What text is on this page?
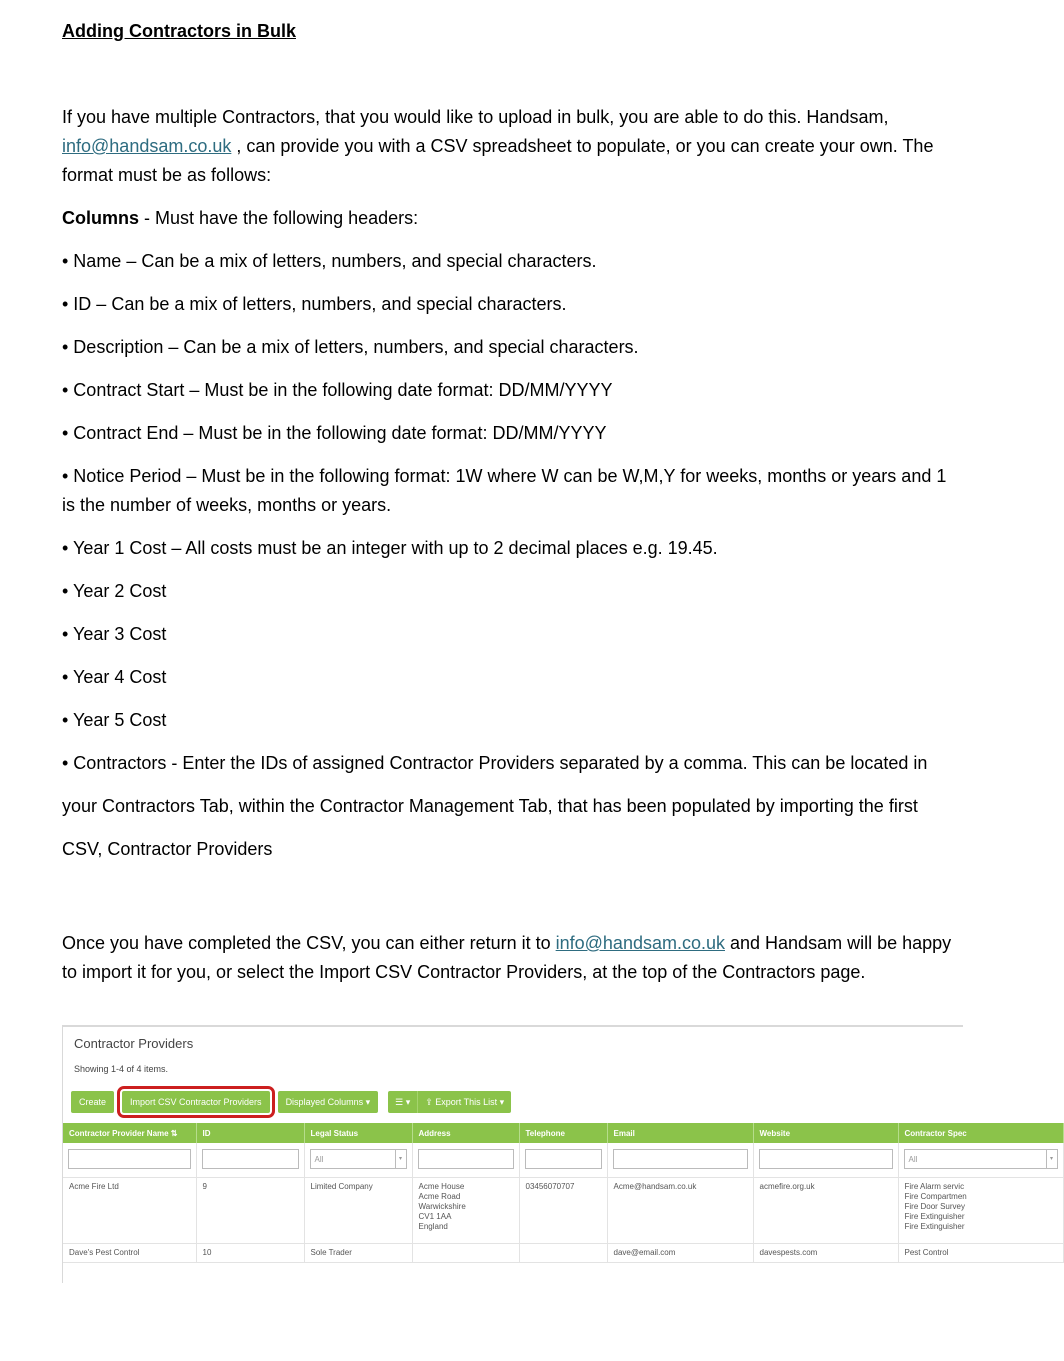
Adding Contractors in Bulk

If you have multiple Contractors, that you would like to upload in bulk, you are able to do this. Handsam, info@handsam.co.uk , can provide you with a CSV spreadsheet to populate, or you can create your own. The format must be as follows:

Columns - Must have the following headers:

• Name – Can be a mix of letters, numbers, and special characters.

• ID – Can be a mix of letters, numbers, and special characters.

• Description – Can be a mix of letters, numbers, and special characters.

• Contract Start – Must be in the following date format: DD/MM/YYYY

• Contract End – Must be in the following date format: DD/MM/YYYY

• Notice Period – Must be in the following format: 1W where W can be W,M,Y for weeks, months or years and 1 is the number of weeks, months or years.

• Year 1 Cost – All costs must be an integer with up to 2 decimal places e.g. 19.45.

• Year 2 Cost

• Year 3 Cost

• Year 4 Cost

• Year 5 Cost

• Contractors - Enter the IDs of assigned Contractor Providers separated by a comma. This can be located in your Contractors Tab, within the Contractor Management Tab, that has been populated by importing the first CSV, Contractor Providers

Once you have completed the CSV, you can either return it to info@handsam.co.uk and Handsam will be happy to import it for you, or select the Import CSV Contractor Providers, at the top of the Contractors page.

Contractor Providers
Showing 1-4 of 4 items.
Create	Import CSV Contractor Providers	Displayed Columns ▾	☰ ▾	⇪ Export This List ▾
Contractor Provider Name ⇅	ID	Legal Status	Address	Telephone	Email	Website	Contractor Spec

		All ▾					All ▾

Acme Fire Ltd	9	Limited Company	Acme House
Acme Road
Warwickshire
CV1 1AA
England	03456070707	Acme@handsam.co.uk	acmefire.org.uk	Fire Alarm servic
Fire Compartmen
Fire Door Survey
Fire Extinguisher
Fire Extinguisher

Dave's Pest Control	10	Sole Trader			dave@email.com	davespests.com	Pest Control
